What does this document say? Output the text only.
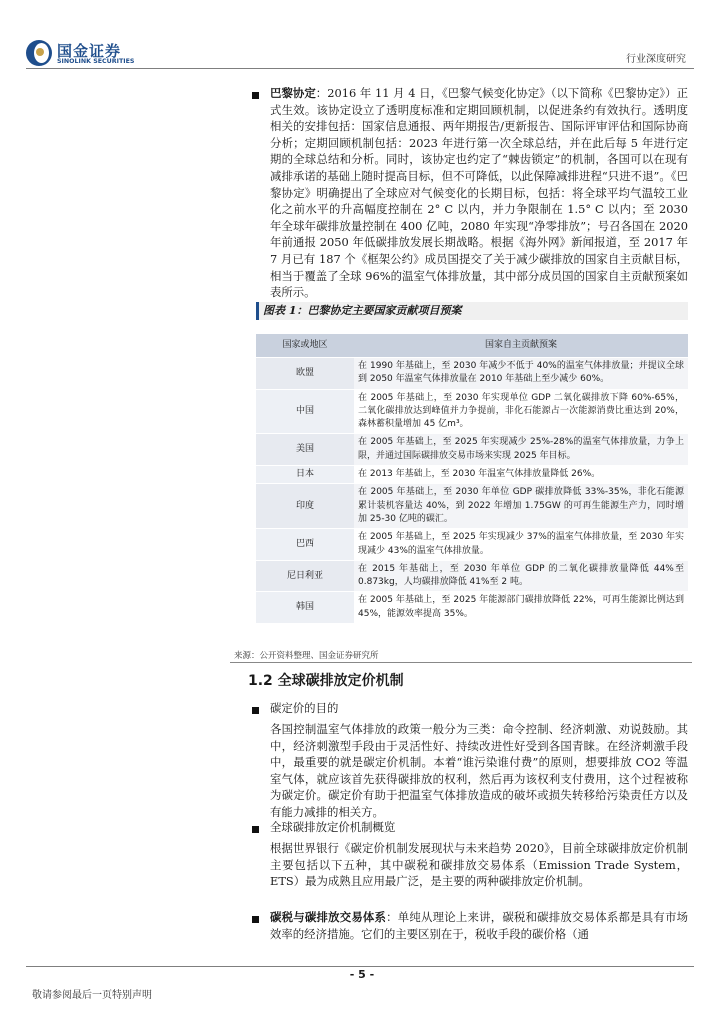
国金证券
SINOLINK SECURITIES	行业深度研究
巴黎协定：2016 年 11 月 4 日，《巴黎气候变化协定》（以下简称《巴黎协定》）正式生效。该协定设立了透明度标准和定期回顾机制，以促进条约有效执行。透明度相关的安排包括：国家信息通报、两年期报告/更新报告、国际评审评估和国际协商分析；定期回顾机制包括：2023 年进行第一次全球总结，并在此后每 5 年进行定期的全球总结和分析。同时，该协定也约定了“棘齿锁定”的机制，各国可以在现有减排承诺的基础上随时提高目标，但不可降低，以此保障减排进程“只进不退”。《巴黎协定》明确提出了全球应对气候变化的长期目标，包括：将全球平均气温较工业化之前水平的升高幅度控制在 2° C 以内，并力争限制在 1.5° C 以内；至 2030 年全球年碳排放量控制在 400 亿吨，2080 年实现“净零排放”；号召各国在 2020 年前通报 2050 年低碳排放发展长期战略。根据《海外网》新闻报道，至 2017 年 7 月已有 187 个《框架公约》成员国提交了关于减少碳排放的国家自主贡献目标，相当于覆盖了全球 96%的温室气体排放量，其中部分成员国的国家自主贡献预案如表所示。
图表 1：巴黎协定主要国家贡献项目预案
国家或地区	国家自主贡献预案
欧盟	在 1990 年基础上，至 2030 年减少不低于 40%的温室气体排放量；并提议全球到 2050 年温室气体排放量在 2010 年基础上至少减少 60%。
中国	在 2005 年基础上，至 2030 年实现单位 GDP 二氧化碳排放下降 60%-65%，二氧化碳排放达到峰值并力争提前，非化石能源占一次能源消费比重达到 20%，森林蓄积量增加 45 亿m³。
美国	在 2005 年基础上，至 2025 年实现减少 25%-28%的温室气体排放量，力争上限，并通过国际碳排放交易市场来实现 2025 年目标。
日本	在 2013 年基础上，至 2030 年温室气体排放量降低 26%。
印度	在 2005 年基础上，至 2030 年单位 GDP 碳排放降低 33%-35%，非化石能源累计装机容量达 40%，到 2022 年增加 1.75GW 的可再生能源生产力，同时增加 25-30 亿吨的碳汇。
巴西	在 2005 年基础上，至 2025 年实现减少 37%的温室气体排放量，至 2030 年实现减少 43%的温室气体排放量。
尼日利亚	在 2015 年基础上，至 2030 年单位 GDP 的二氧化碳排放量降低 44%至 0.873kg，人均碳排放降低 41%至 2 吨。
韩国	在 2005 年基础上，至 2025 年能源部门碳排放降低 22%，可再生能源比例达到 45%，能源效率提高 35%。
来源：公开资料整理、国金证券研究所
1.2 全球碳排放定价机制
碳定价的目的
各国控制温室气体排放的政策一般分为三类：命令控制、经济刺激、劝说鼓励。其中，经济刺激型手段由于灵活性好、持续改进性好受到各国青睐。在经济刺激手段中，最重要的就是碳定价机制。本着“谁污染谁付费”的原则，想要排放 CO2 等温室气体，就应该首先获得碳排放的权利，然后再为该权利支付费用，这个过程被称为碳定价。碳定价有助于把温室气体排放造成的破坏或损失转移给污染责任方以及有能力减排的相关方。
全球碳排放定价机制概览
根据世界银行《碳定价机制发展现状与未来趋势 2020》，目前全球碳排放定价机制主要包括以下五种，其中碳税和碳排放交易体系（Emission Trade System，ETS）最为成熟且应用最广泛，是主要的两种碳排放定价机制。
碳税与碳排放交易体系：单纯从理论上来讲，碳税和碳排放交易体系都是具有市场效率的经济措施。它们的主要区别在于，税收手段的碳价格（通
- 5 -
敬请参阅最后一页特别声明
